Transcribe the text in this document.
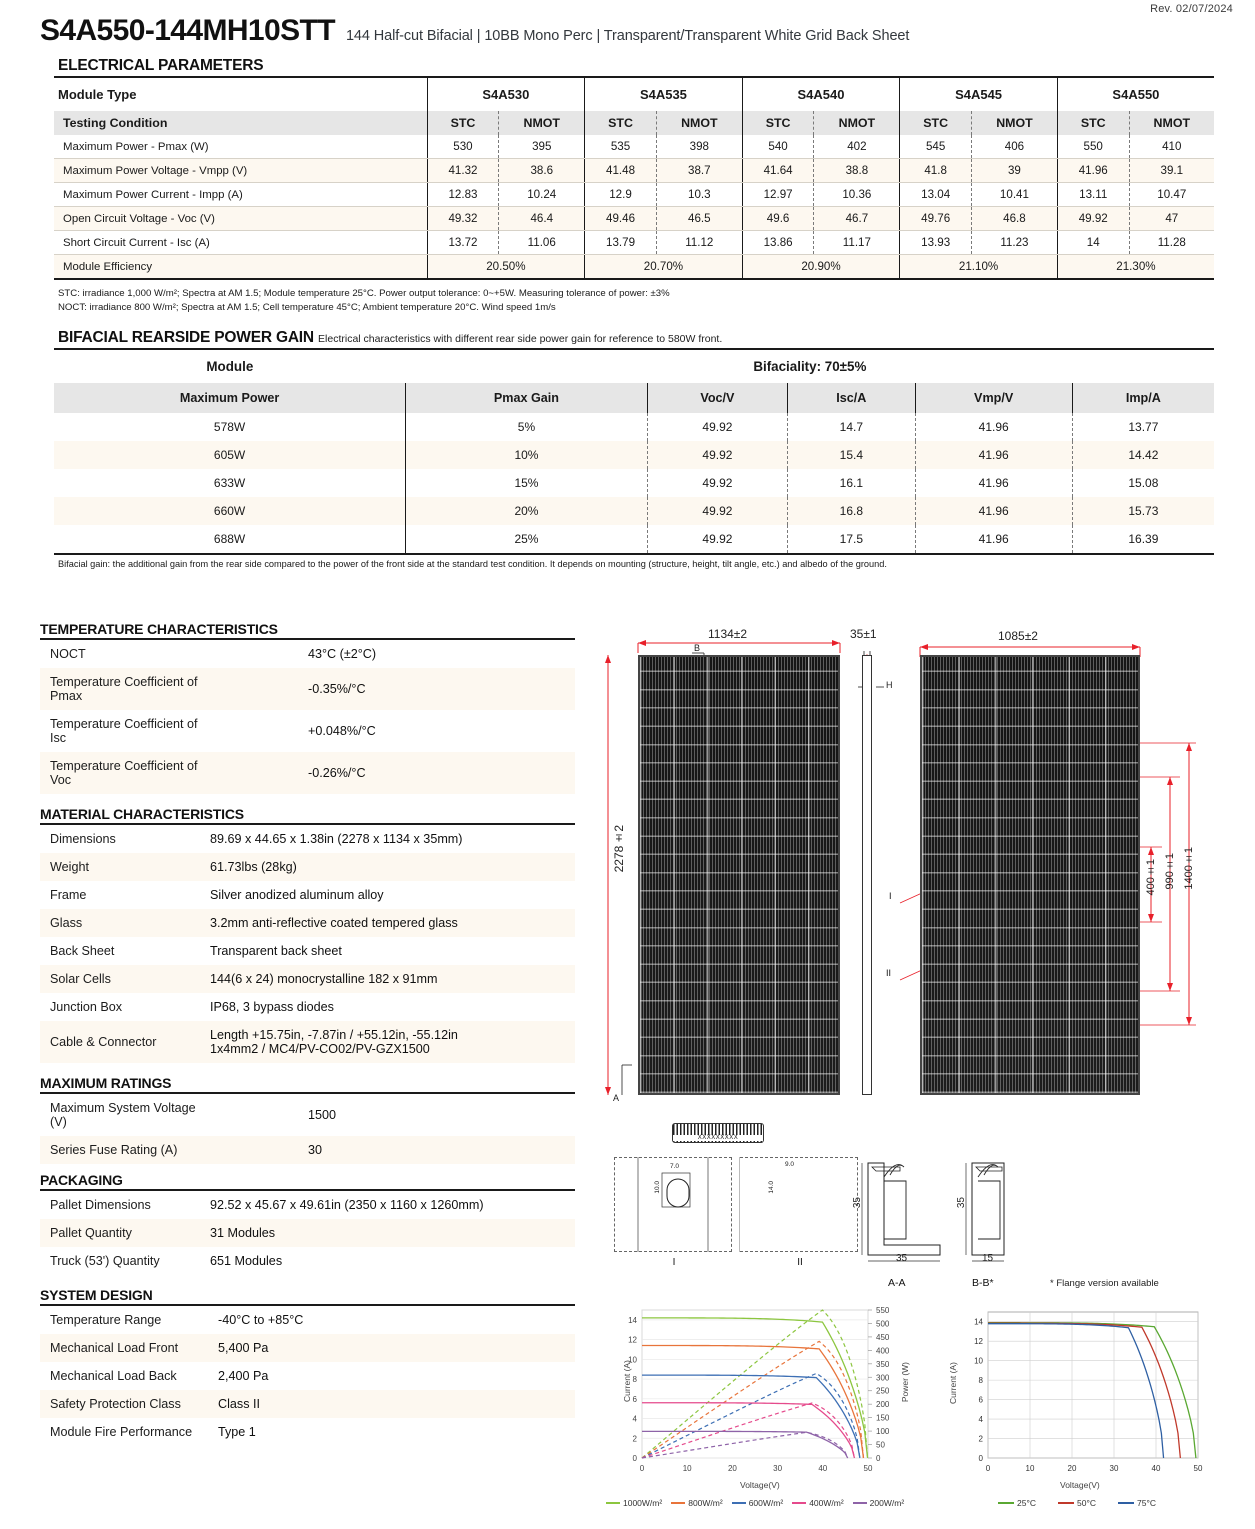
Rev. 02/07/2024
S4A550-144MH10STT 144 Half-cut Bifacial | 10BB Mono Perc | Transparent/Transparent White Grid Back Sheet
ELECTRICAL PARAMETERS
Module Type	S4A530		S4A535		S4A540		S4A545		S4A550	
Testing Condition	STC	NMOT	STC	NMOT	STC	NMOT	STC	NMOT	STC	NMOT
Maximum Power - Pmax (W)	530	395	535	398	540	402	545	406	550	410
Maximum Power Voltage - Vmpp (V)	41.32	38.6	41.48	38.7	41.64	38.8	41.8	39	41.96	39.1
Maximum Power Current - Impp (A)	12.83	10.24	12.9	10.3	12.97	10.36	13.04	10.41	13.11	10.47
Open Circuit Voltage - Voc (V)	49.32	46.4	49.46	46.5	49.6	46.7	49.76	46.8	49.92	47
Short Circuit Current - Isc (A)	13.72	11.06	13.79	11.12	13.86	11.17	13.93	11.23	14	11.28
Module Efficiency	20.50%		20.70%		20.90%		21.10%		21.30%	
STC: irradiance 1,000 W/m²; Spectra at AM 1.5; Module temperature 25°C. Power output tolerance: 0~+5W. Measuring tolerance of power: ±3%
NOCT: irradiance 800 W/m²; Spectra at AM 1.5; Cell temperature 45°C; Ambient temperature 20°C. Wind speed 1m/s
BIFACIAL REARSIDE POWER GAIN Electrical characteristics with different rear side power gain for reference to 580W front.
Module	Bifaciality: 70±5%				
Maximum Power	Pmax Gain	Voc/V	Isc/A	Vmp/V	Imp/A
578W	5%	49.92	14.7	41.96	13.77
605W	10%	49.92	15.4	41.96	14.42
633W	15%	49.92	16.1	41.96	15.08
660W	20%	49.92	16.8	41.96	15.73
688W	25%	49.92	17.5	41.96	16.39
Bifacial gain: the additional gain from the rear side compared to the power of the front side at the standard test condition. It depends on mounting (structure, height, tilt angle, etc.) and albedo of the ground.
TEMPERATURE CHARACTERISTICS
NOCT	43°C (±2°C)

Temperature Coefficient of Pmax	-0.35%/°C

Temperature Coefficient of Isc	+0.048%/°C

Temperature Coefficient of Voc	-0.26%/°C
MATERIAL CHARACTERISTICS
Dimensions	89.69 x 44.65 x 1.38in (2278 x 1134 x 35mm)

Weight	61.73lbs (28kg)

Frame	Silver anodized aluminum alloy

Glass	3.2mm anti-reflective coated tempered glass

Back Sheet	Transparent back sheet

Solar Cells	144(6 x 24) monocrystalline 182 x 91mm

Junction Box	IP68, 3 bypass diodes

Cable & Connector	Length +15.75in, -7.87in / +55.12in, -55.12in
1x4mm2 / MC4/PV-CO02/PV-GZX1500
MAXIMUM RATINGS
Maximum System Voltage (V)	1500

Series Fuse Rating (A)	30
PACKAGING
Pallet Dimensions	92.52 x 45.67 x 49.61in (2350 x 1160 x 1260mm)

Pallet Quantity	31 Modules

Truck (53') Quantity	651 Modules
SYSTEM DESIGN
Temperature Range	-40°C to +85°C

Mechanical Load Front	5,400 Pa

Mechanical Load Back	2,400 Pa

Safety Protection Class	Class II

Module Fire Performance	Type 1
1134±2
2278±2
35±1	1085±2
B
A
H
I
II
400±1 990±1 1400±1
XXXXXXXXX
7.0
10.0
9.0
14.0
I	II
35
35
35
15
A-A	B-B*	* Flange version available
0
2
4
6
8
10
12
14
0	10	20	30	40	50
0
50
100
150
200
250
300
350
400
450
500
550
Current (A)
Voltage(V)
Power (W)
1000W/m²	800W/m²	600W/m²	400W/m²	200W/m²
0
2
4
6
8
10
12
14
0	10	20	30	40	50
Current (A)
Voltage(V)
25°C	50°C	75°C
